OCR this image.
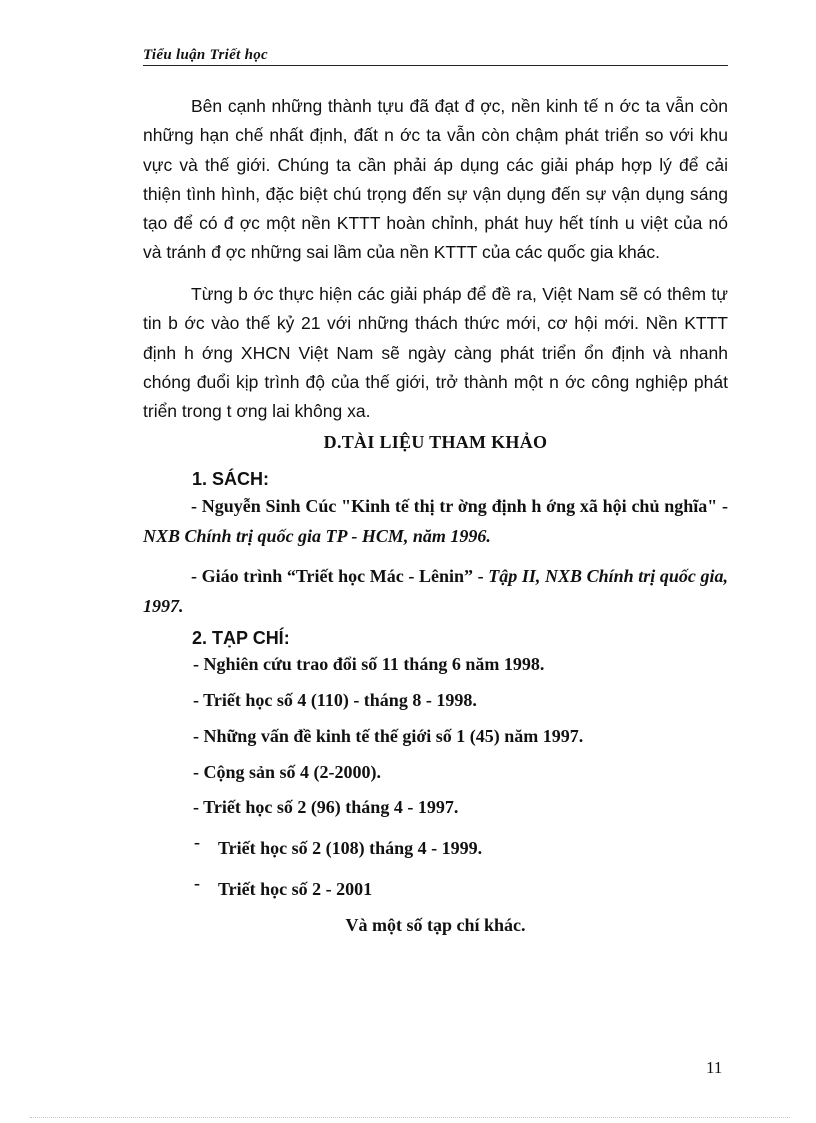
Tiểu luận Triết học

Bên cạnh những thành tựu đã đạt đ ợc, nền kinh tế n ớc ta vẫn còn những hạn chế nhất định, đất n ớc ta vẫn còn chậm phát triển so với khu vực và thế giới. Chúng ta cần phải áp dụng các giải pháp hợp lý để cải thiện tình hình, đặc biệt chú trọng đến sự vận dụng đến sự vận dụng sáng tạo để có đ ợc một nền KTTT hoàn chỉnh, phát huy hết tính u việt của nó và tránh đ ợc những sai lầm của nền KTTT của các quốc gia khác.

Từng b ớc thực hiện các giải pháp để đề ra, Việt Nam sẽ có thêm tự tin b ớc vào thế kỷ 21 với những thách thức mới, cơ hội mới. Nền KTTT định h ớng XHCN Việt Nam sẽ ngày càng phát triển ổn định và nhanh chóng đuổi kịp trình độ của thế giới, trở thành một n ớc công nghiệp phát triển trong t ơng lai không xa.

D.TÀI LIỆU THAM KHẢO
1. SÁCH:

- Nguyễn Sinh Cúc "Kinh tế thị tr ờng định h ớng xã hội chủ nghĩa" - NXB Chính trị quốc gia TP - HCM, năm 1996.

- Giáo trình “Triết học Mác - Lênin” - Tập II, NXB Chính trị quốc gia, 1997.

2. TẠP CHÍ:
- Nghiên cứu trao đổi số 11 tháng 6 năm 1998.
- Triết học số 4 (110) - tháng 8 - 1998.
- Những vấn đề kinh tế thế giới số 1 (45) năm 1997.
- Cộng sản số 4 (2-2000).
- Triết học số 2 (96) tháng 4 - 1997.
- Triết học số 2 (108) tháng 4 - 1999.
- Triết học số 2 - 2001
Và một số tạp chí khác.
11
